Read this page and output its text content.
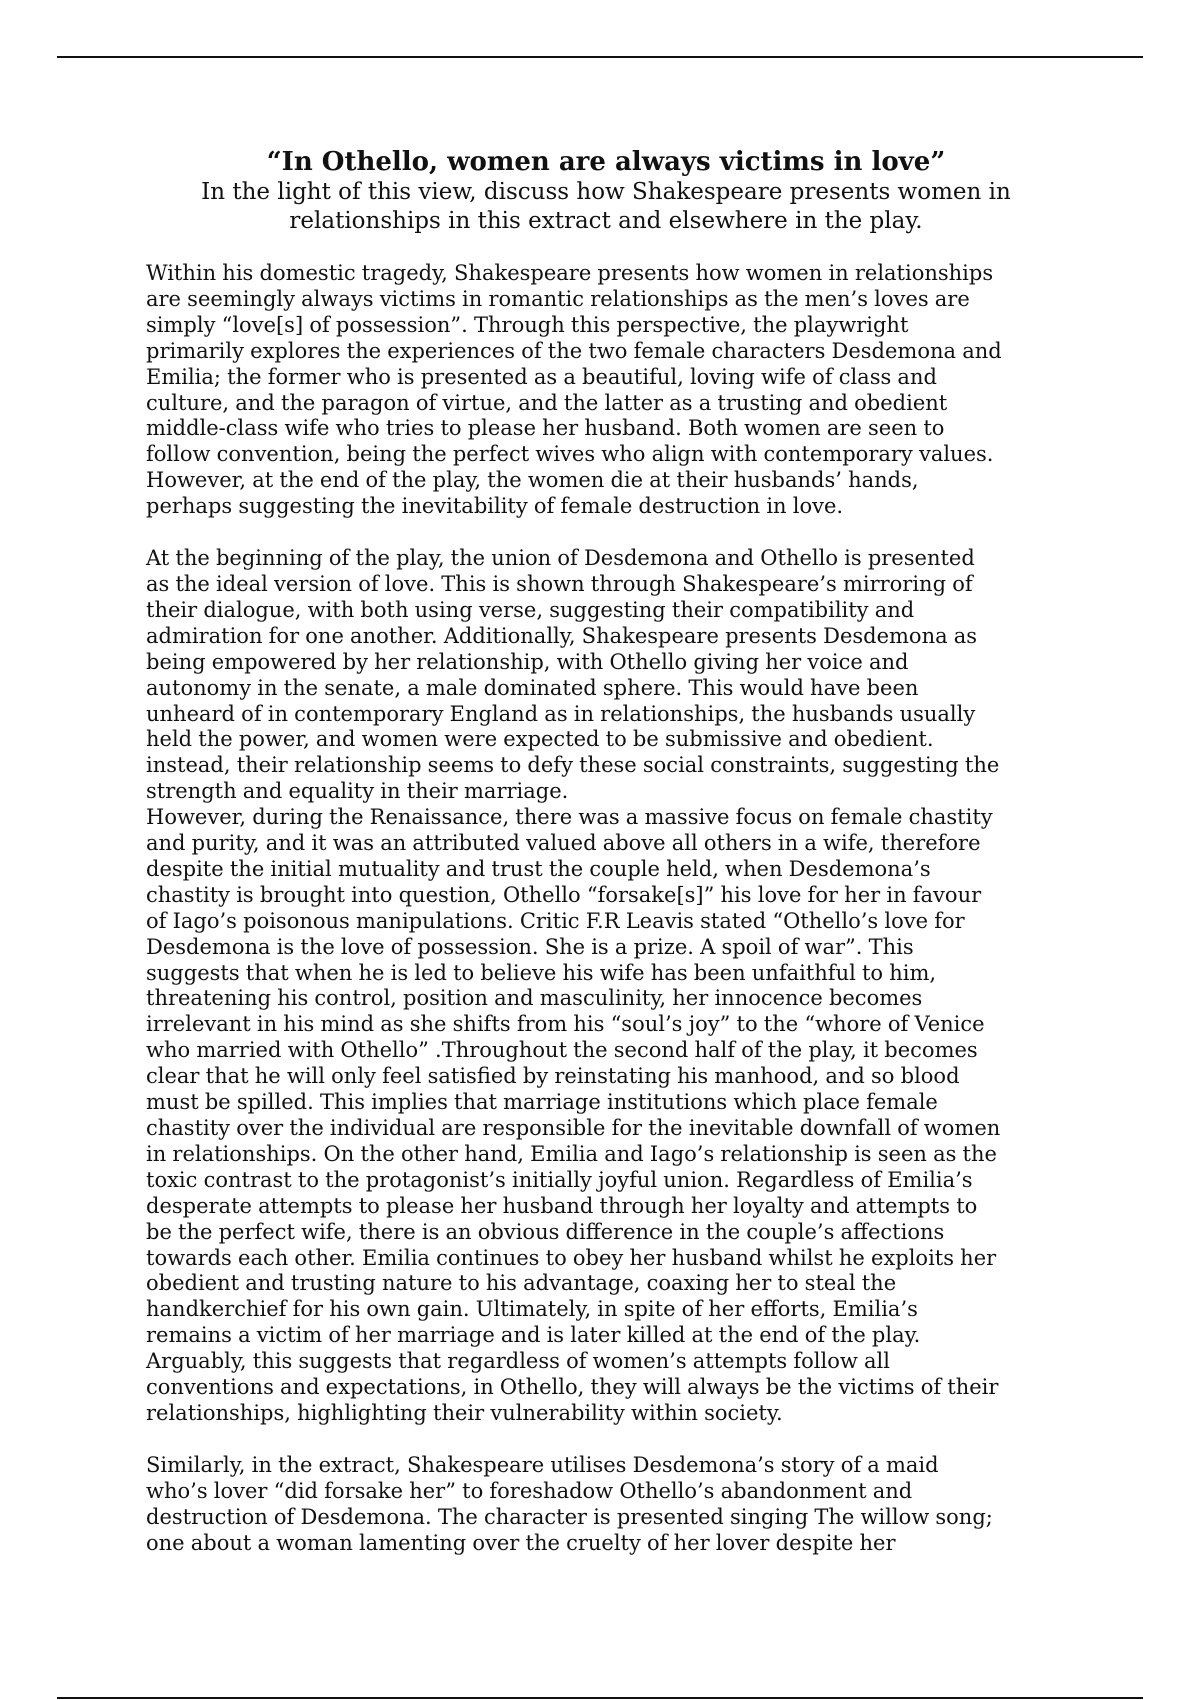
“In Othello, women are always victims in love”
In the light of this view, discuss how Shakespeare presents women in
relationships in this extract and elsewhere in the play.

Within his domestic tragedy, Shakespeare presents how women in relationships
are seemingly always victims in romantic relationships as the men’s loves are
simply “love[s] of possession”. Through this perspective, the playwright
primarily explores the experiences of the two female characters Desdemona and
Emilia; the former who is presented as a beautiful, loving wife of class and
culture, and the paragon of virtue, and the latter as a trusting and obedient
middle-class wife who tries to please her husband. Both women are seen to
follow convention, being the perfect wives who align with contemporary values.
However, at the end of the play, the women die at their husbands’ hands,
perhaps suggesting the inevitability of female destruction in love.

At the beginning of the play, the union of Desdemona and Othello is presented
as the ideal version of love. This is shown through Shakespeare’s mirroring of
their dialogue, with both using verse, suggesting their compatibility and
admiration for one another. Additionally, Shakespeare presents Desdemona as
being empowered by her relationship, with Othello giving her voice and
autonomy in the senate, a male dominated sphere. This would have been
unheard of in contemporary England as in relationships, the husbands usually
held the power, and women were expected to be submissive and obedient.
instead, their relationship seems to defy these social constraints, suggesting the
strength and equality in their marriage.

However, during the Renaissance, there was a massive focus on female chastity
and purity, and it was an attributed valued above all others in a wife, therefore
despite the initial mutuality and trust the couple held, when Desdemona’s
chastity is brought into question, Othello “forsake[s]” his love for her in favour
of Iago’s poisonous manipulations. Critic F.R Leavis stated “Othello’s love for
Desdemona is the love of possession. She is a prize. A spoil of war”. This
suggests that when he is led to believe his wife has been unfaithful to him,
threatening his control, position and masculinity, her innocence becomes
irrelevant in his mind as she shifts from his “soul’s joy” to the “whore of Venice
who married with Othello” .Throughout the second half of the play, it becomes
clear that he will only feel satisfied by reinstating his manhood, and so blood
must be spilled. This implies that marriage institutions which place female
chastity over the individual are responsible for the inevitable downfall of women
in relationships. On the other hand, Emilia and Iago’s relationship is seen as the
toxic contrast to the protagonist’s initially joyful union. Regardless of Emilia’s
desperate attempts to please her husband through her loyalty and attempts to
be the perfect wife, there is an obvious difference in the couple’s affections
towards each other. Emilia continues to obey her husband whilst he exploits her
obedient and trusting nature to his advantage, coaxing her to steal the
handkerchief for his own gain. Ultimately, in spite of her efforts, Emilia’s
remains a victim of her marriage and is later killed at the end of the play.
Arguably, this suggests that regardless of women’s attempts follow all
conventions and expectations, in Othello, they will always be the victims of their
relationships, highlighting their vulnerability within society.

Similarly, in the extract, Shakespeare utilises Desdemona’s story of a maid
who’s lover “did forsake her” to foreshadow Othello’s abandonment and
destruction of Desdemona. The character is presented singing The willow song;
one about a woman lamenting over the cruelty of her lover despite her
